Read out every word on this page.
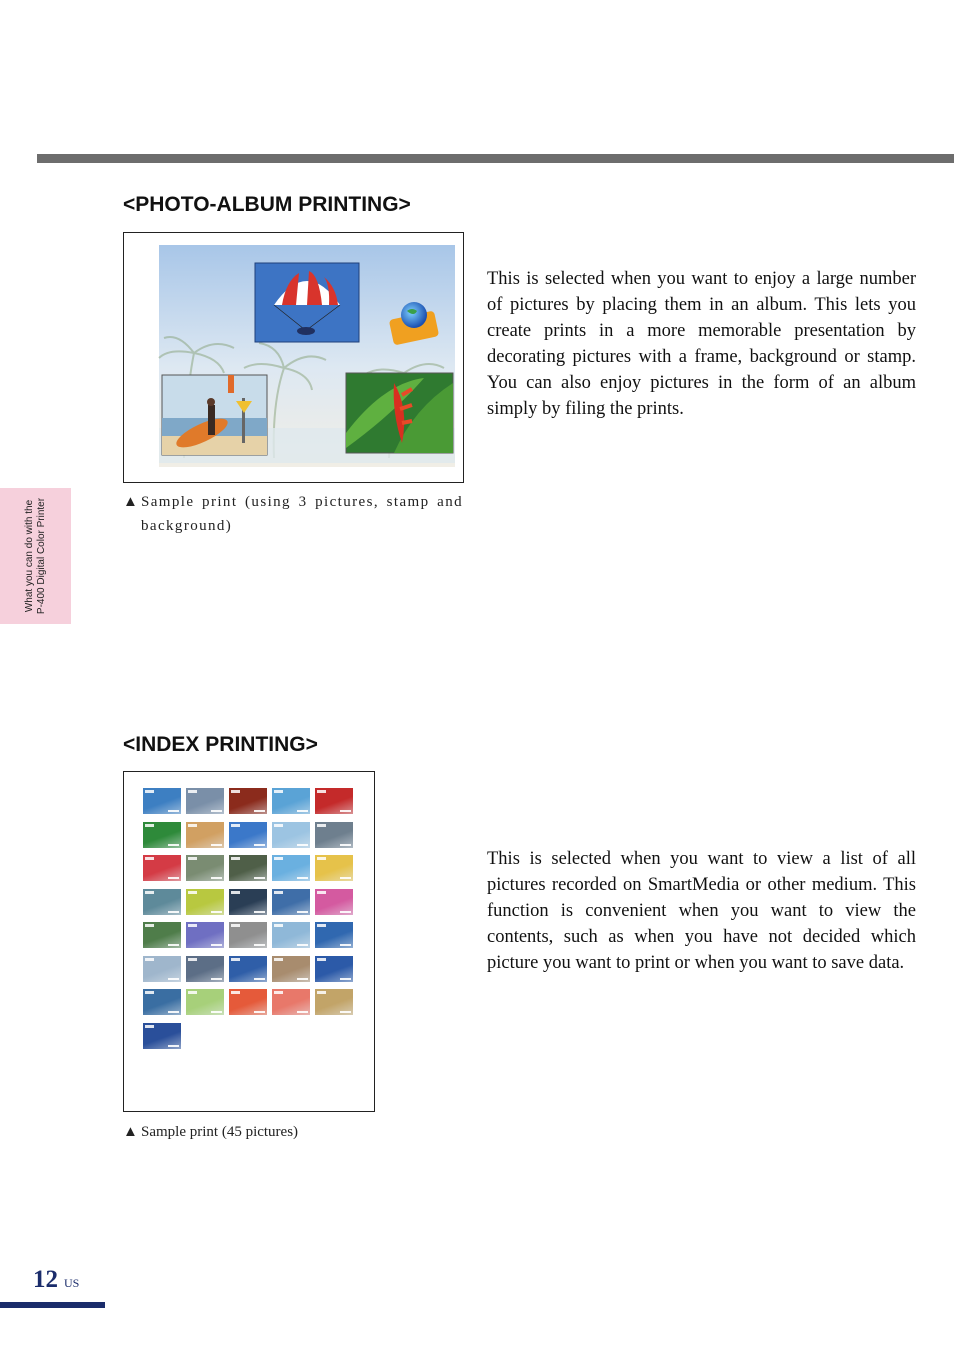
What you can do with the P-400 Digital Color Printer
<PHOTO-ALBUM PRINTING>
▲ Sample print (using 3 pictures, stamp and background)

This is selected when you want to enjoy a large number of pictures by placing them in an album. This lets you create prints in a more memorable presentation by decorating pictures with a frame, background or stamp. You can also enjoy pictures in the form of an album simply by filing the prints.

<INDEX PRINTING>
▲ Sample print (45 pictures)

This is selected when you want to view a list of all pictures recorded on SmartMedia or other medium. This function is convenient when you want to view the contents, such as when you have not decided which picture you want to print or when you want to save data.

12 US
